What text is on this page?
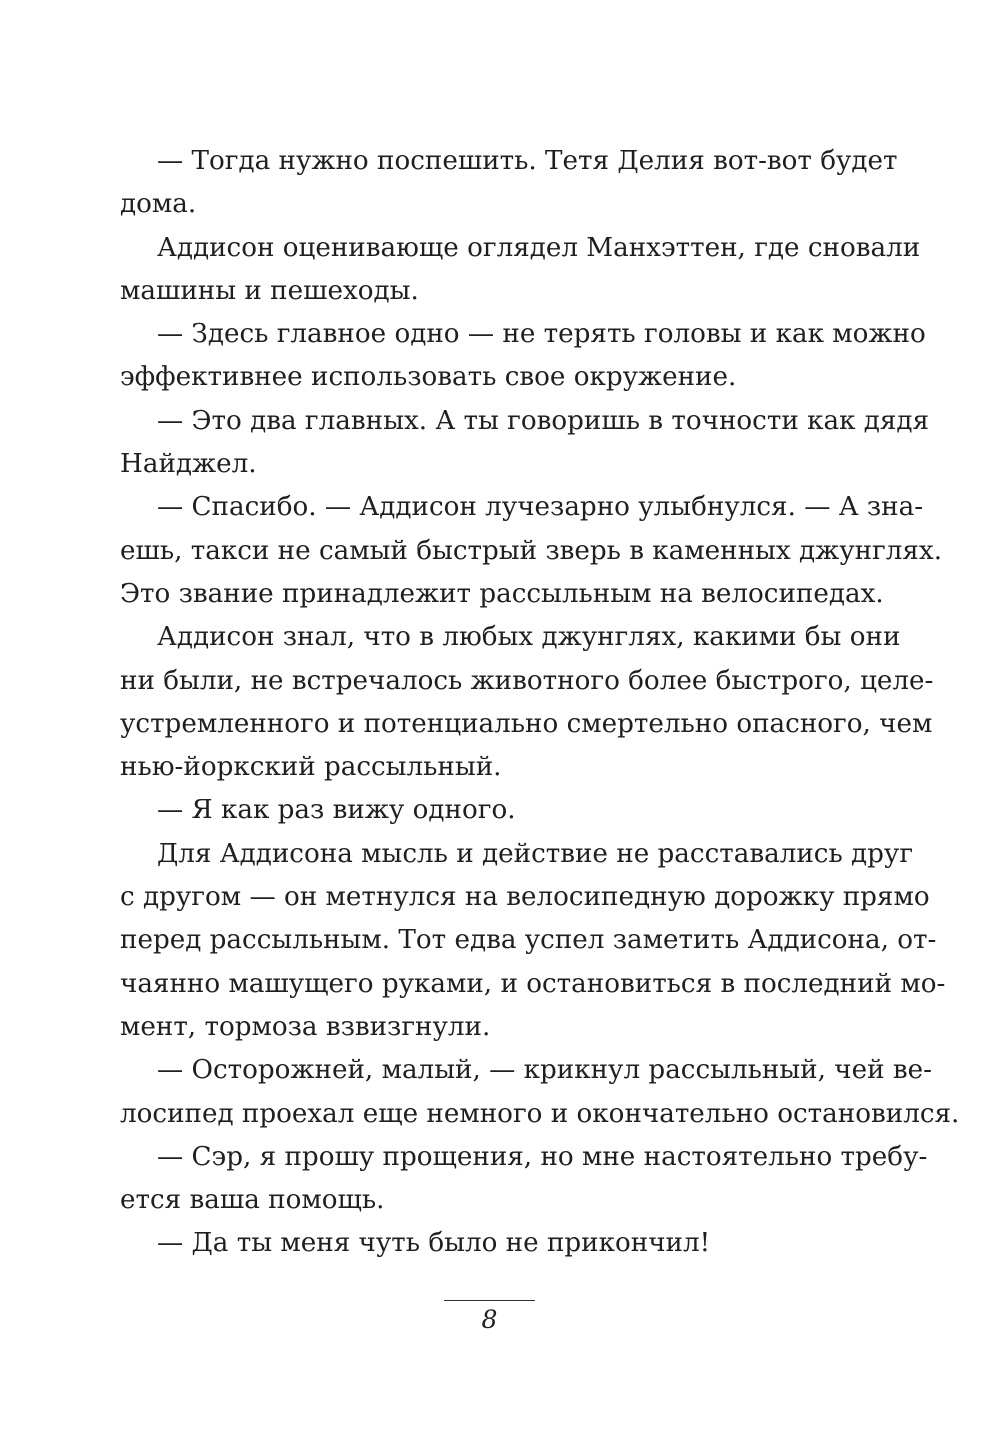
— Тогда нужно поспешить. Тетя Делия вот-вот будет
дома.
Аддисон оценивающе оглядел Манхэттен, где сновали
машины и пешеходы.
— Здесь главное одно — не терять головы и как можно
эффективнее использовать свое окружение.
— Это два главных. А ты говоришь в точности как дядя
Найджел.
— Спасибо. — Аддисон лучезарно улыбнулся. — А зна-
ешь, такси не самый быстрый зверь в каменных джунглях.
Это звание принадлежит рассыльным на велосипедах.
Аддисон знал, что в любых джунглях, какими бы они
ни были, не встречалось животного более быстрого, целе-
устремленного и потенциально смертельно опасного, чем
нью-йоркский рассыльный.
— Я как раз вижу одного.
Для Аддисона мысль и действие не расставались друг
с другом — он метнулся на велосипедную дорожку прямо
перед рассыльным. Тот едва успел заметить Аддисона, от-
чаянно машущего руками, и остановиться в последний мо-
мент, тормоза взвизгнули.
— Осторожней, малый, — крикнул рассыльный, чей ве-
лосипед проехал еще немного и окончательно остановился.
— Сэр, я прошу прощения, но мне настоятельно требу-
ется ваша помощь.
— Да ты меня чуть было не прикончил!
8
